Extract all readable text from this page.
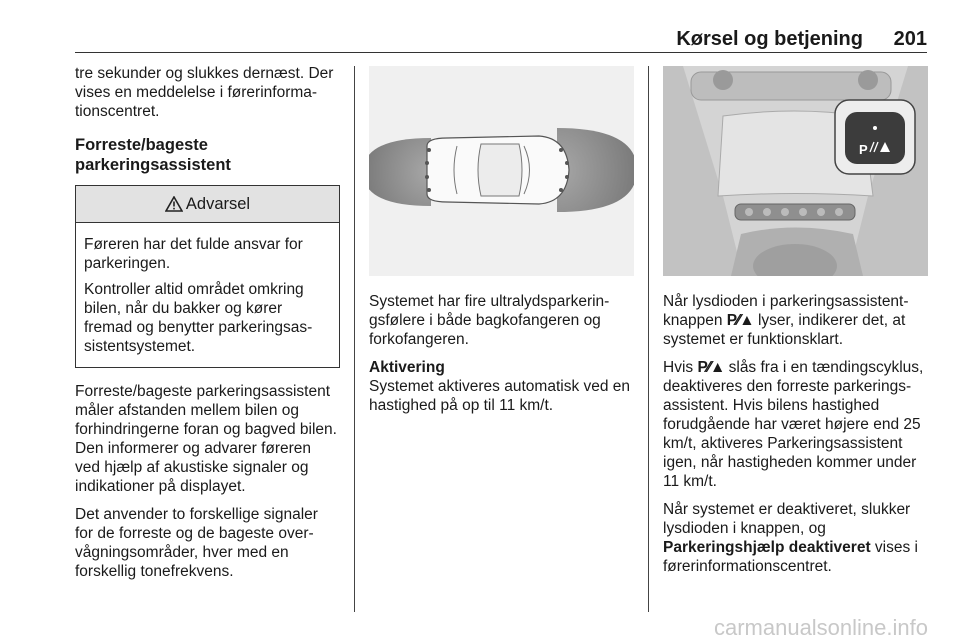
Kørsel og betjening 201

tre sekunder og slukkes dernæst. Der vises en meddelelse i førerinformationscentret.

Forreste/bageste
parkeringsassistent
Advarsel

Føreren har det fulde ansvar for parkeringen.

Kontroller altid området omkring bilen, når du bakker og kører fremad og benytter parkeringsassistentsystemet.

Forreste/bageste parkeringsassistent måler afstanden mellem bilen og forhindringerne foran og bagved bilen. Den informerer og advarer føreren ved hjælp af akustiske signaler og indikationer på displayet.

Det anvender to forskellige signaler for de forreste og de bageste overvågningsområder, hver med en forskellig tonefrekvens.

Systemet har fire ultralydsparkeringsfølere i både bagkofangeren og forkofangeren.

Aktivering

Systemet aktiveres automatisk ved en hastighed på op til 11 km/t.

P

Når lysdioden i parkeringsassistentknappen P⁄⁄▲ lyser, indikerer det, at systemet er funktionsklart.

Hvis P⁄⁄▲ slås fra i en tændingscyklus, deaktiveres den forreste parkeringsassistent. Hvis bilens hastighed forudgående har været højere end 25 km/t, aktiveres Parkeringsassistent igen, når hastigheden kommer under 11 km/t.

Når systemet er deaktiveret, slukker lysdioden i knappen, og
Parkeringshjælp deaktiveret vises i førerinformationscentret.

carmanualsonline.info
